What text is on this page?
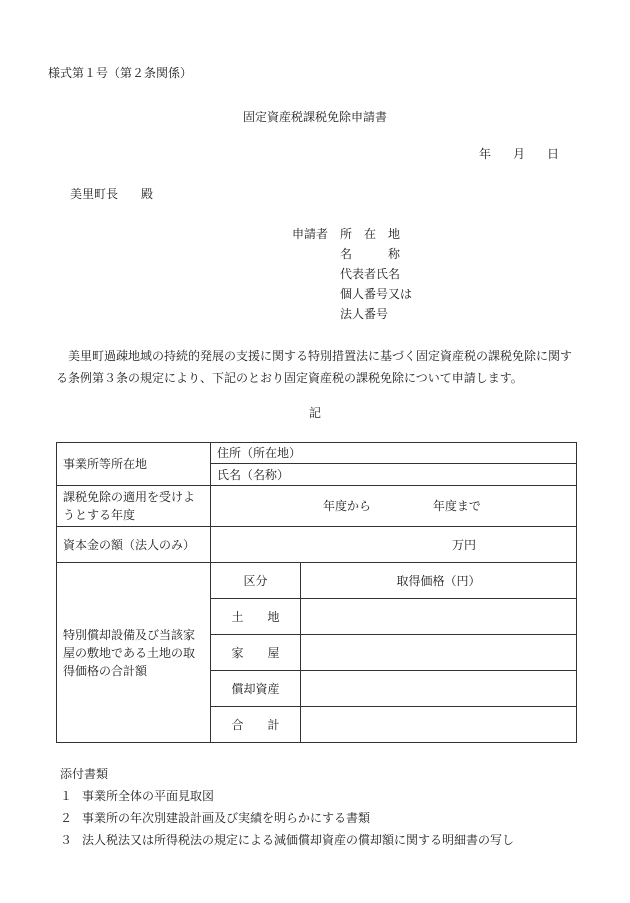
様式第１号（第２条関係）
固定資産税課税免除申請書
年 月 日
美里町長 殿
申請者 所　在　地
名　　　称
代表者氏名
個人番号又は
法人番号
美里町過疎地域の持続的発展の支援に関する特別措置法に基づく固定資産税の課税免除に関する条例第３条の規定により、下記のとおり固定資産税の課税免除について申請します。
記
事業所等所在地	住所（所在地）	
	氏名（名称）	
課税免除の適用を受けようとする年度	年度から 年度まで	
資本金の額（法人のみ）	万円	
特別償却設備及び当該家屋の敷地である土地の取得価格の合計額	区分	取得価格（円）
	土　　地	
	家　　屋	
	償却資産	
	合　　計	
添付書類
１ 事業所全体の平面見取図
２ 事業所の年次別建設計画及び実績を明らかにする書類
３ 法人税法又は所得税法の規定による減価償却資産の償却額に関する明細書の写し
